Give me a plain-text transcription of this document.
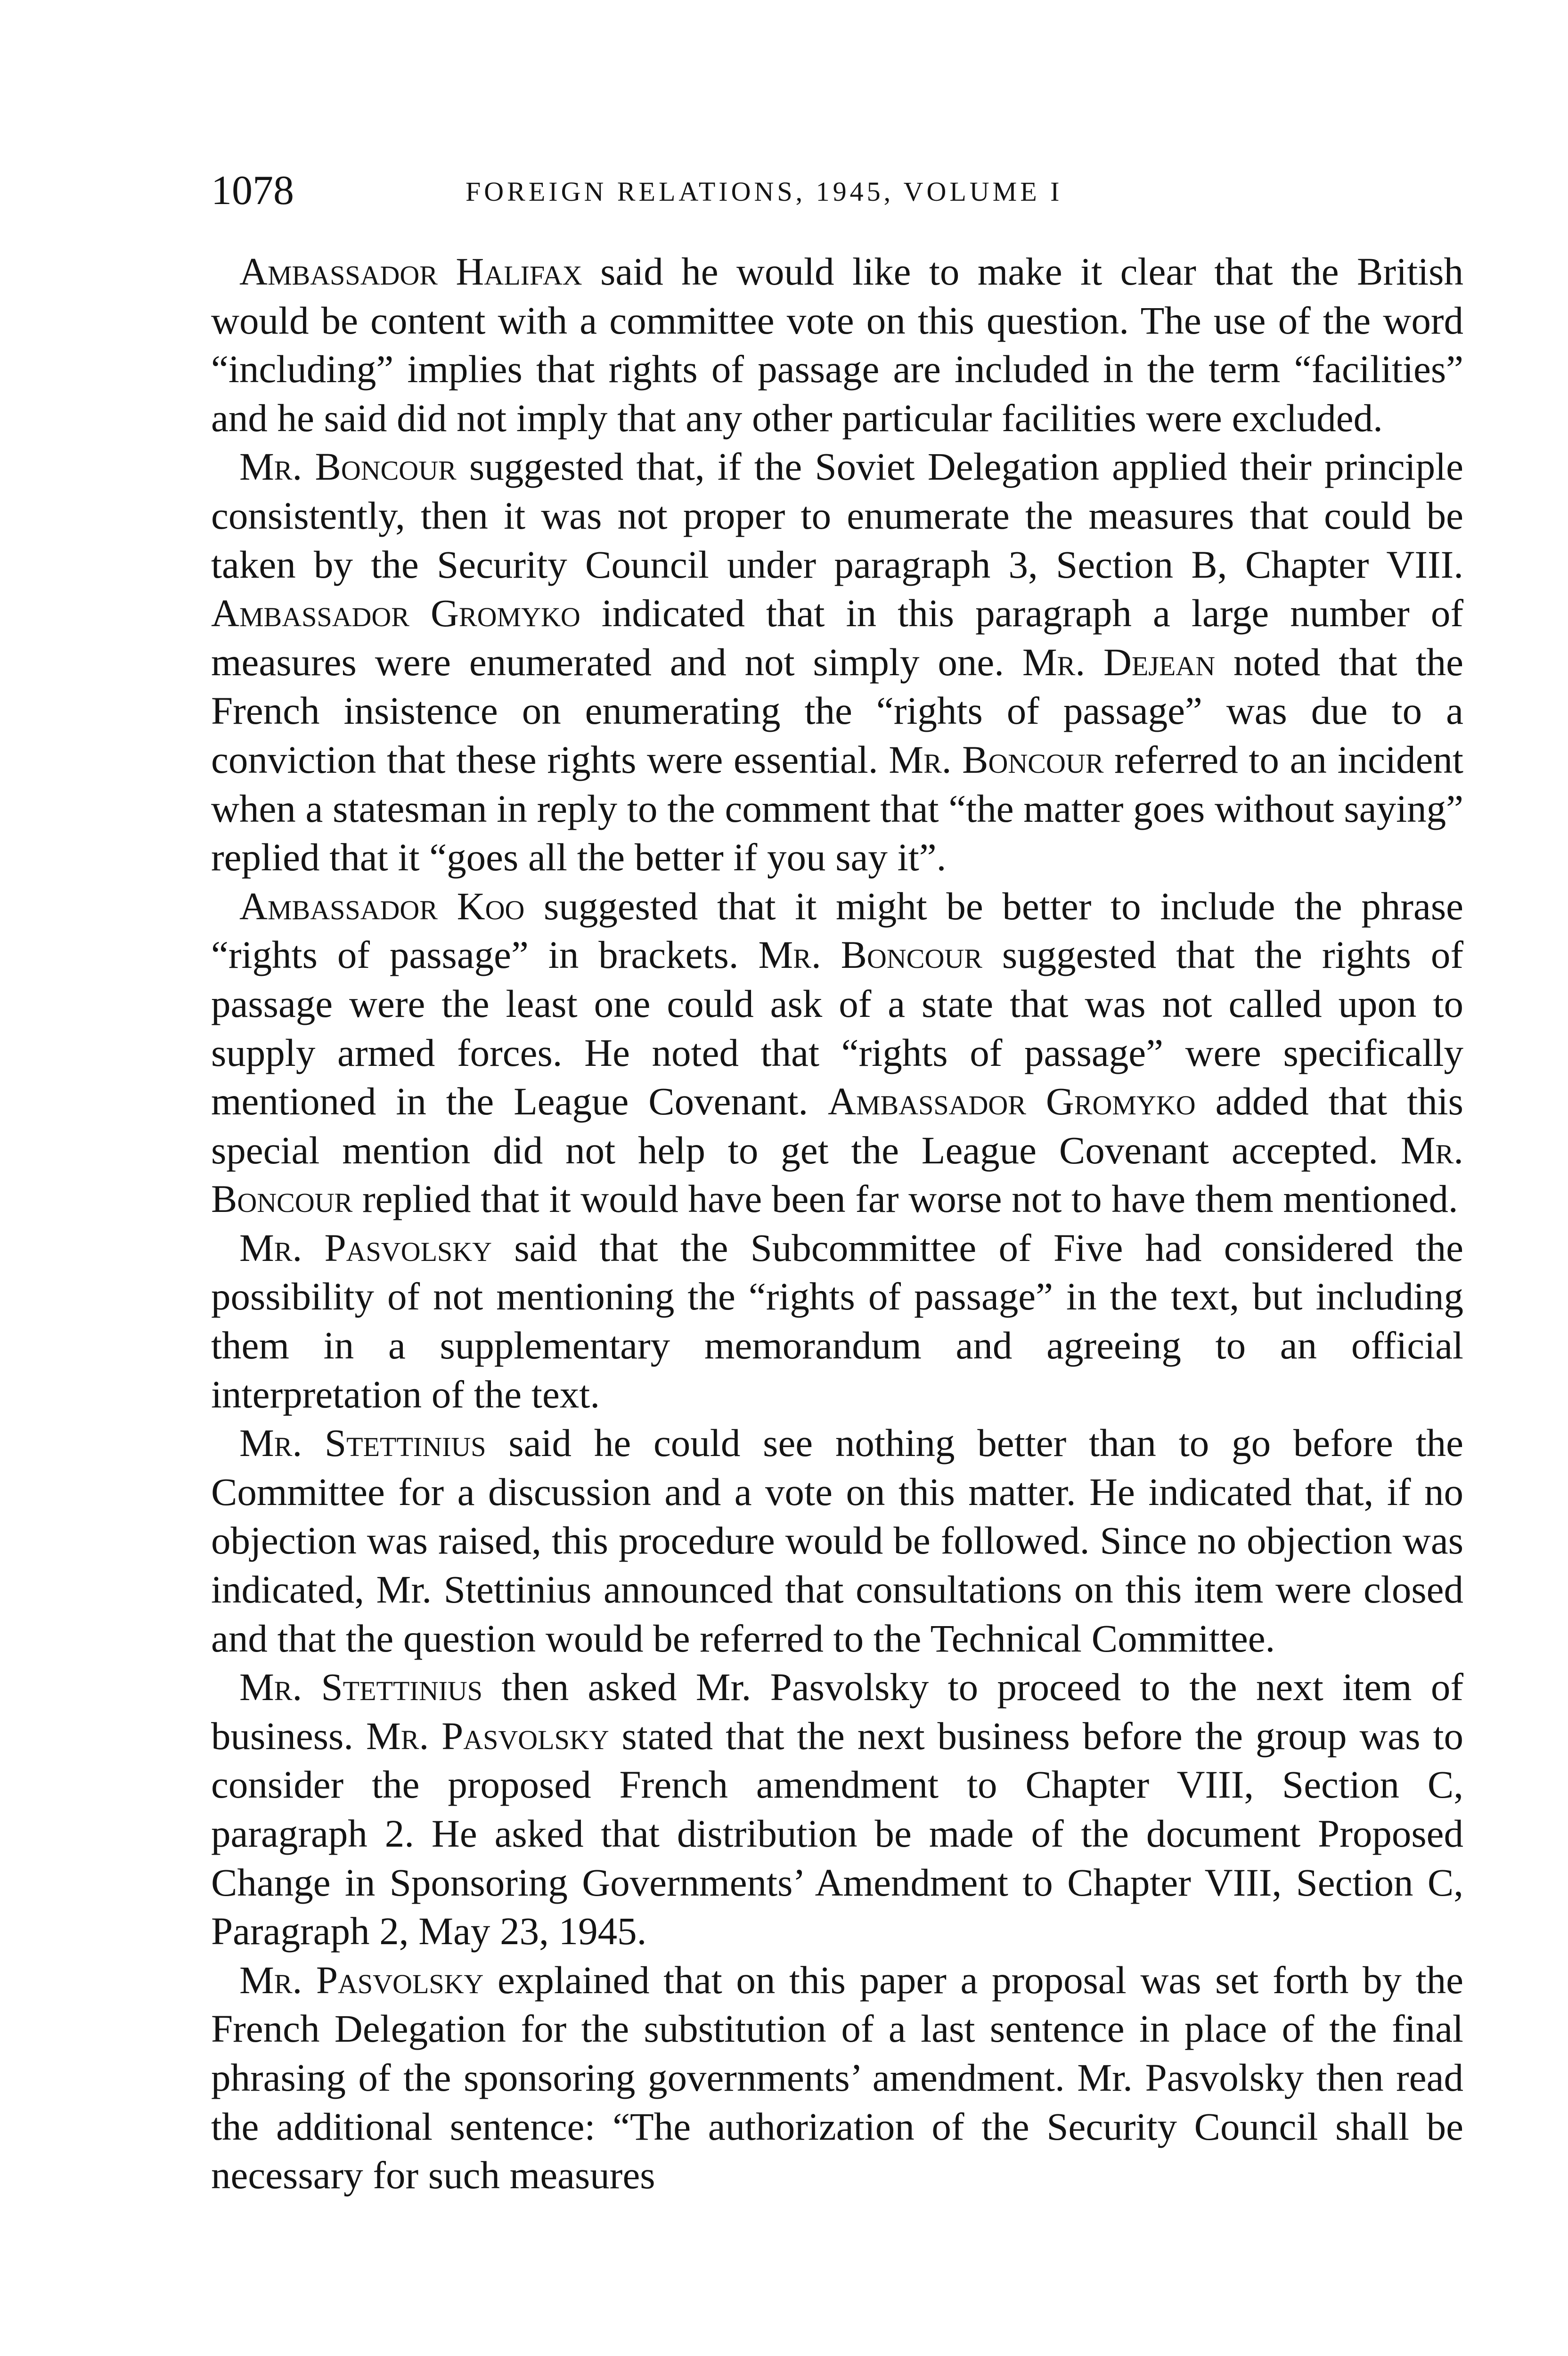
1078	FOREIGN RELATIONS, 1945, VOLUME I

Ambassador Halifax said he would like to make it clear that the British would be content with a committee vote on this question. The use of the word “including” implies that rights of passage are included in the term “facilities” and he said did not imply that any other particular facilities were excluded.

Mr. Boncour suggested that, if the Soviet Delegation applied their principle consistently, then it was not proper to enumerate the measures that could be taken by the Security Council under paragraph 3, Section B, Chapter VIII. Ambassador Gromyko indicated that in this paragraph a large number of measures were enumerated and not simply one. Mr. Dejean noted that the French insistence on enumerating the “rights of passage” was due to a conviction that these rights were essential. Mr. Boncour referred to an incident when a statesman in reply to the comment that “the matter goes without saying” replied that it “goes all the better if you say it”.

Ambassador Koo suggested that it might be better to include the phrase “rights of passage” in brackets. Mr. Boncour suggested that the rights of passage were the least one could ask of a state that was not called upon to supply armed forces. He noted that “rights of passage” were specifically mentioned in the League Covenant. Ambassador Gromyko added that this special mention did not help to get the League Covenant accepted. Mr. Boncour replied that it would have been far worse not to have them mentioned.

Mr. Pasvolsky said that the Subcommittee of Five had considered the possibility of not mentioning the “rights of passage” in the text, but including them in a supplementary memorandum and agreeing to an official interpretation of the text.

Mr. Stettinius said he could see nothing better than to go before the Committee for a discussion and a vote on this matter. He indicated that, if no objection was raised, this procedure would be followed. Since no objection was indicated, Mr. Stettinius announced that consultations on this item were closed and that the question would be referred to the Technical Committee.

Mr. Stettinius then asked Mr. Pasvolsky to proceed to the next item of business. Mr. Pasvolsky stated that the next business before the group was to consider the proposed French amendment to Chapter VIII, Section C, paragraph 2. He asked that distribution be made of the document Proposed Change in Sponsoring Governments’ Amendment to Chapter VIII, Section C, Paragraph 2, May 23, 1945.

Mr. Pasvolsky explained that on this paper a proposal was set forth by the French Delegation for the substitution of a last sentence in place of the final phrasing of the sponsoring governments’ amendment. Mr. Pasvolsky then read the additional sentence: “The authorization of the Security Council shall be necessary for such measures
